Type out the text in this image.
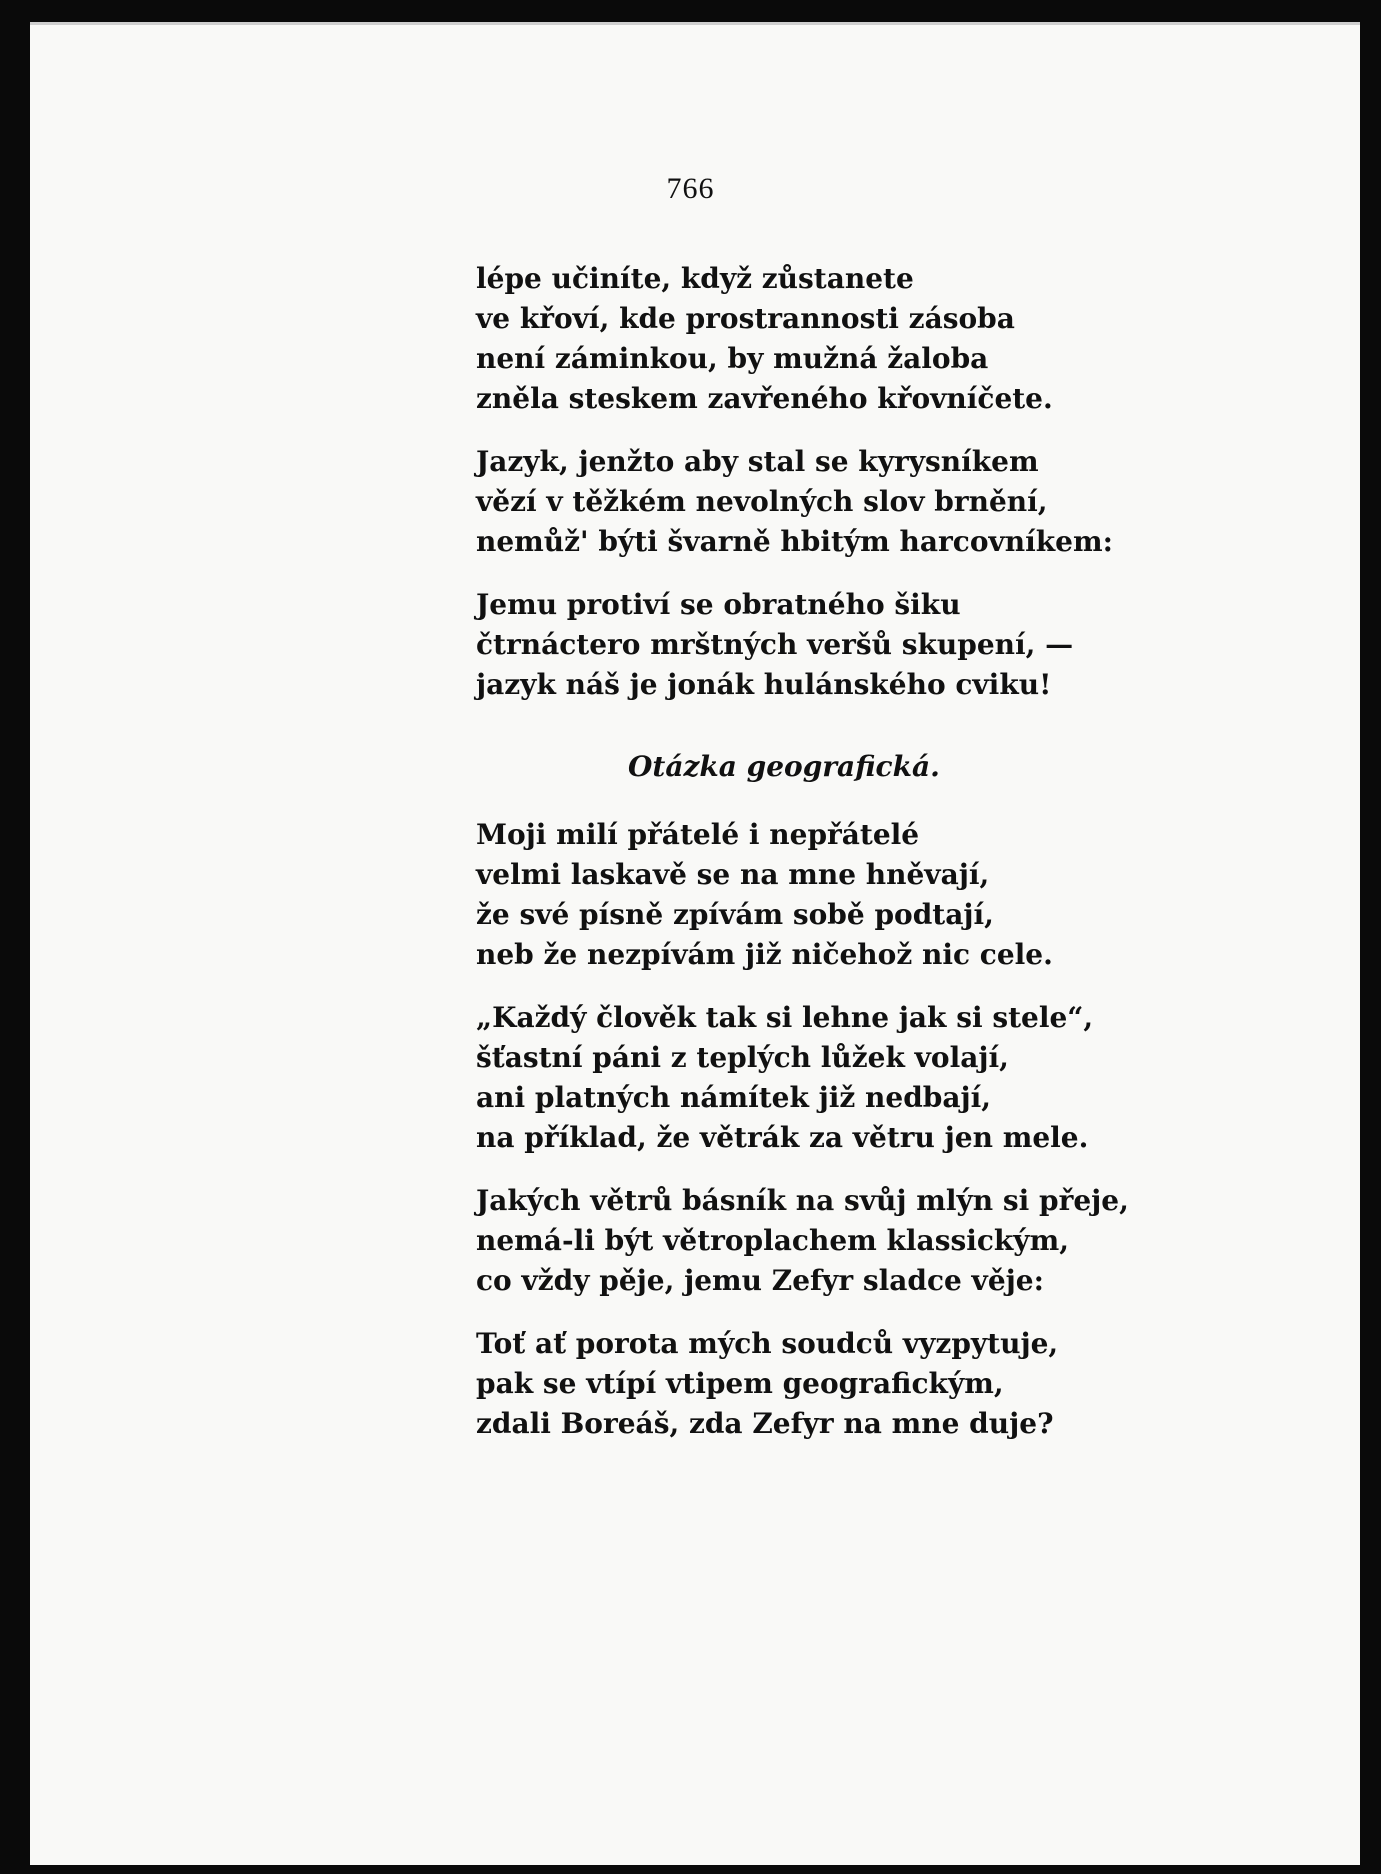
766
lépe učiníte, když zůstanete
ve křoví, kde prostrannosti zásoba
není záminkou, by mužná žaloba
zněla steskem zavřeného křovníčete.
Jazyk, jenžto aby stal se kyrysníkem
vězí v těžkém nevolných slov brnění,
nemůž' býti švarně hbitým harcovníkem:
Jemu protiví se obratného šiku
čtrnáctero mrštných veršů skupení, —
jazyk náš je jonák hulánského cviku!
Otázka geografická.
Moji milí přátelé i nepřátelé
velmi laskavě se na mne hněvají,
že své písně zpívám sobě podtají,
neb že nezpívám již ničehož nic cele.
„Každý člověk tak si lehne jak si stele“,
šťastní páni z teplých lůžek volají,
ani platných námítek již nedbají,
na příklad, že větrák za větru jen mele.
Jakých větrů básník na svůj mlýn si přeje,
nemá-li být větroplachem klassickým,
co vždy pěje, jemu Zefyr sladce věje:
Toť ať porota mých soudců vyzpytuje,
pak se vtípí vtipem geografickým,
zdali Boreáš, zda Zefyr na mne duje?
